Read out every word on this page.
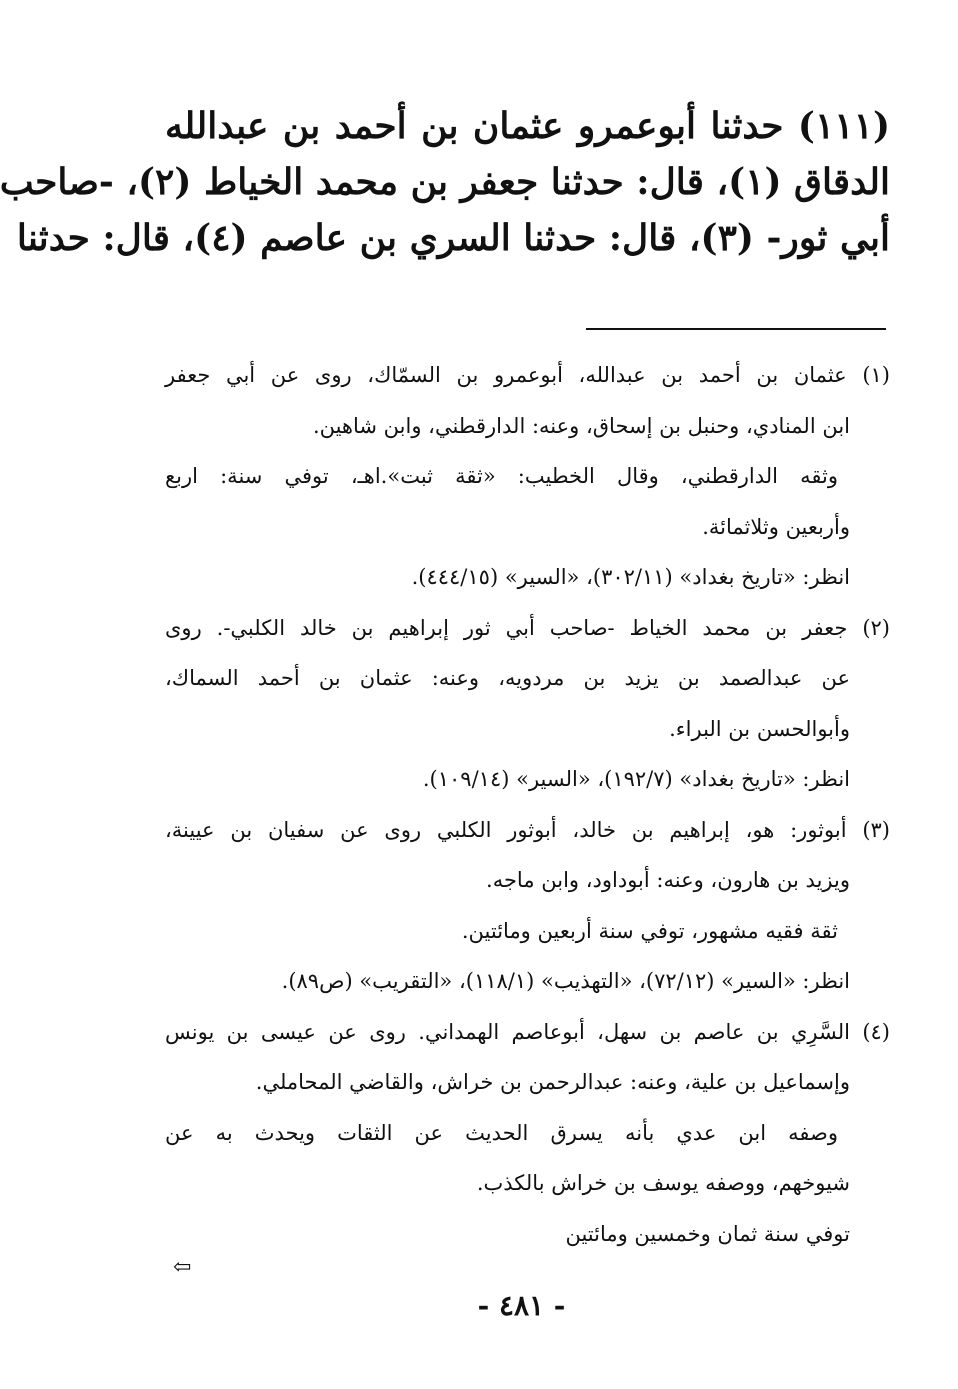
(١١١) حدثنا أبوعمرو عثمان بن أحمد بن عبدالله
الدقاق (١)، قال: حدثنا جعفر بن محمد الخياط (٢)، -صاحب
أبي ثور- (٣)، قال: حدثنا السري بن عاصم (٤)، قال: حدثنا
(١) عثمان بن أحمد بن عبدالله، أبوعمرو بن السمّاك، روى عن أبي جعفر
ابن المنادي، وحنبل بن إسحاق، وعنه: الدارقطني، وابن شاهين.
وثقه الدارقطني، وقال الخطيب: «ثقة ثبت».اهـ، توفي سنة: اربع
وأربعين وثلاثمائة.
انظر: «تاريخ بغداد» (٣٠٢/١١)، «السير» (٤٤٤/١٥).
(٢) جعفر بن محمد الخياط -صاحب أبي ثور إبراهيم بن خالد الكلبي-. روى
عن عبدالصمد بن يزيد بن مردويه، وعنه: عثمان بن أحمد السماك،
وأبوالحسن بن البراء.
انظر: «تاريخ بغداد» (١٩٢/٧)، «السير» (١٠٩/١٤).
(٣) أبوثور: هو، إبراهيم بن خالد، أبوثور الكلبي روى عن سفيان بن عيينة،
ويزيد بن هارون، وعنه: أبوداود، وابن ماجه.
ثقة فقيه مشهور، توفي سنة أربعين ومائتين.
انظر: «السير» (٧٢/١٢)، «التهذيب» (١١٨/١)، «التقريب» (ص٨٩).
(٤) السَّرِي بن عاصم بن سهل، أبوعاصم الهمداني. روى عن عيسى بن يونس
وإسماعيل بن علية، وعنه: عبدالرحمن بن خراش، والقاضي المحاملي.
وصفه ابن عدي بأنه يسرق الحديث عن الثقات ويحدث به عن
شيوخهم، ووصفه يوسف بن خراش بالكذب.
توفي سنة ثمان وخمسين ومائتين
⇦
- ٤٨١ -
